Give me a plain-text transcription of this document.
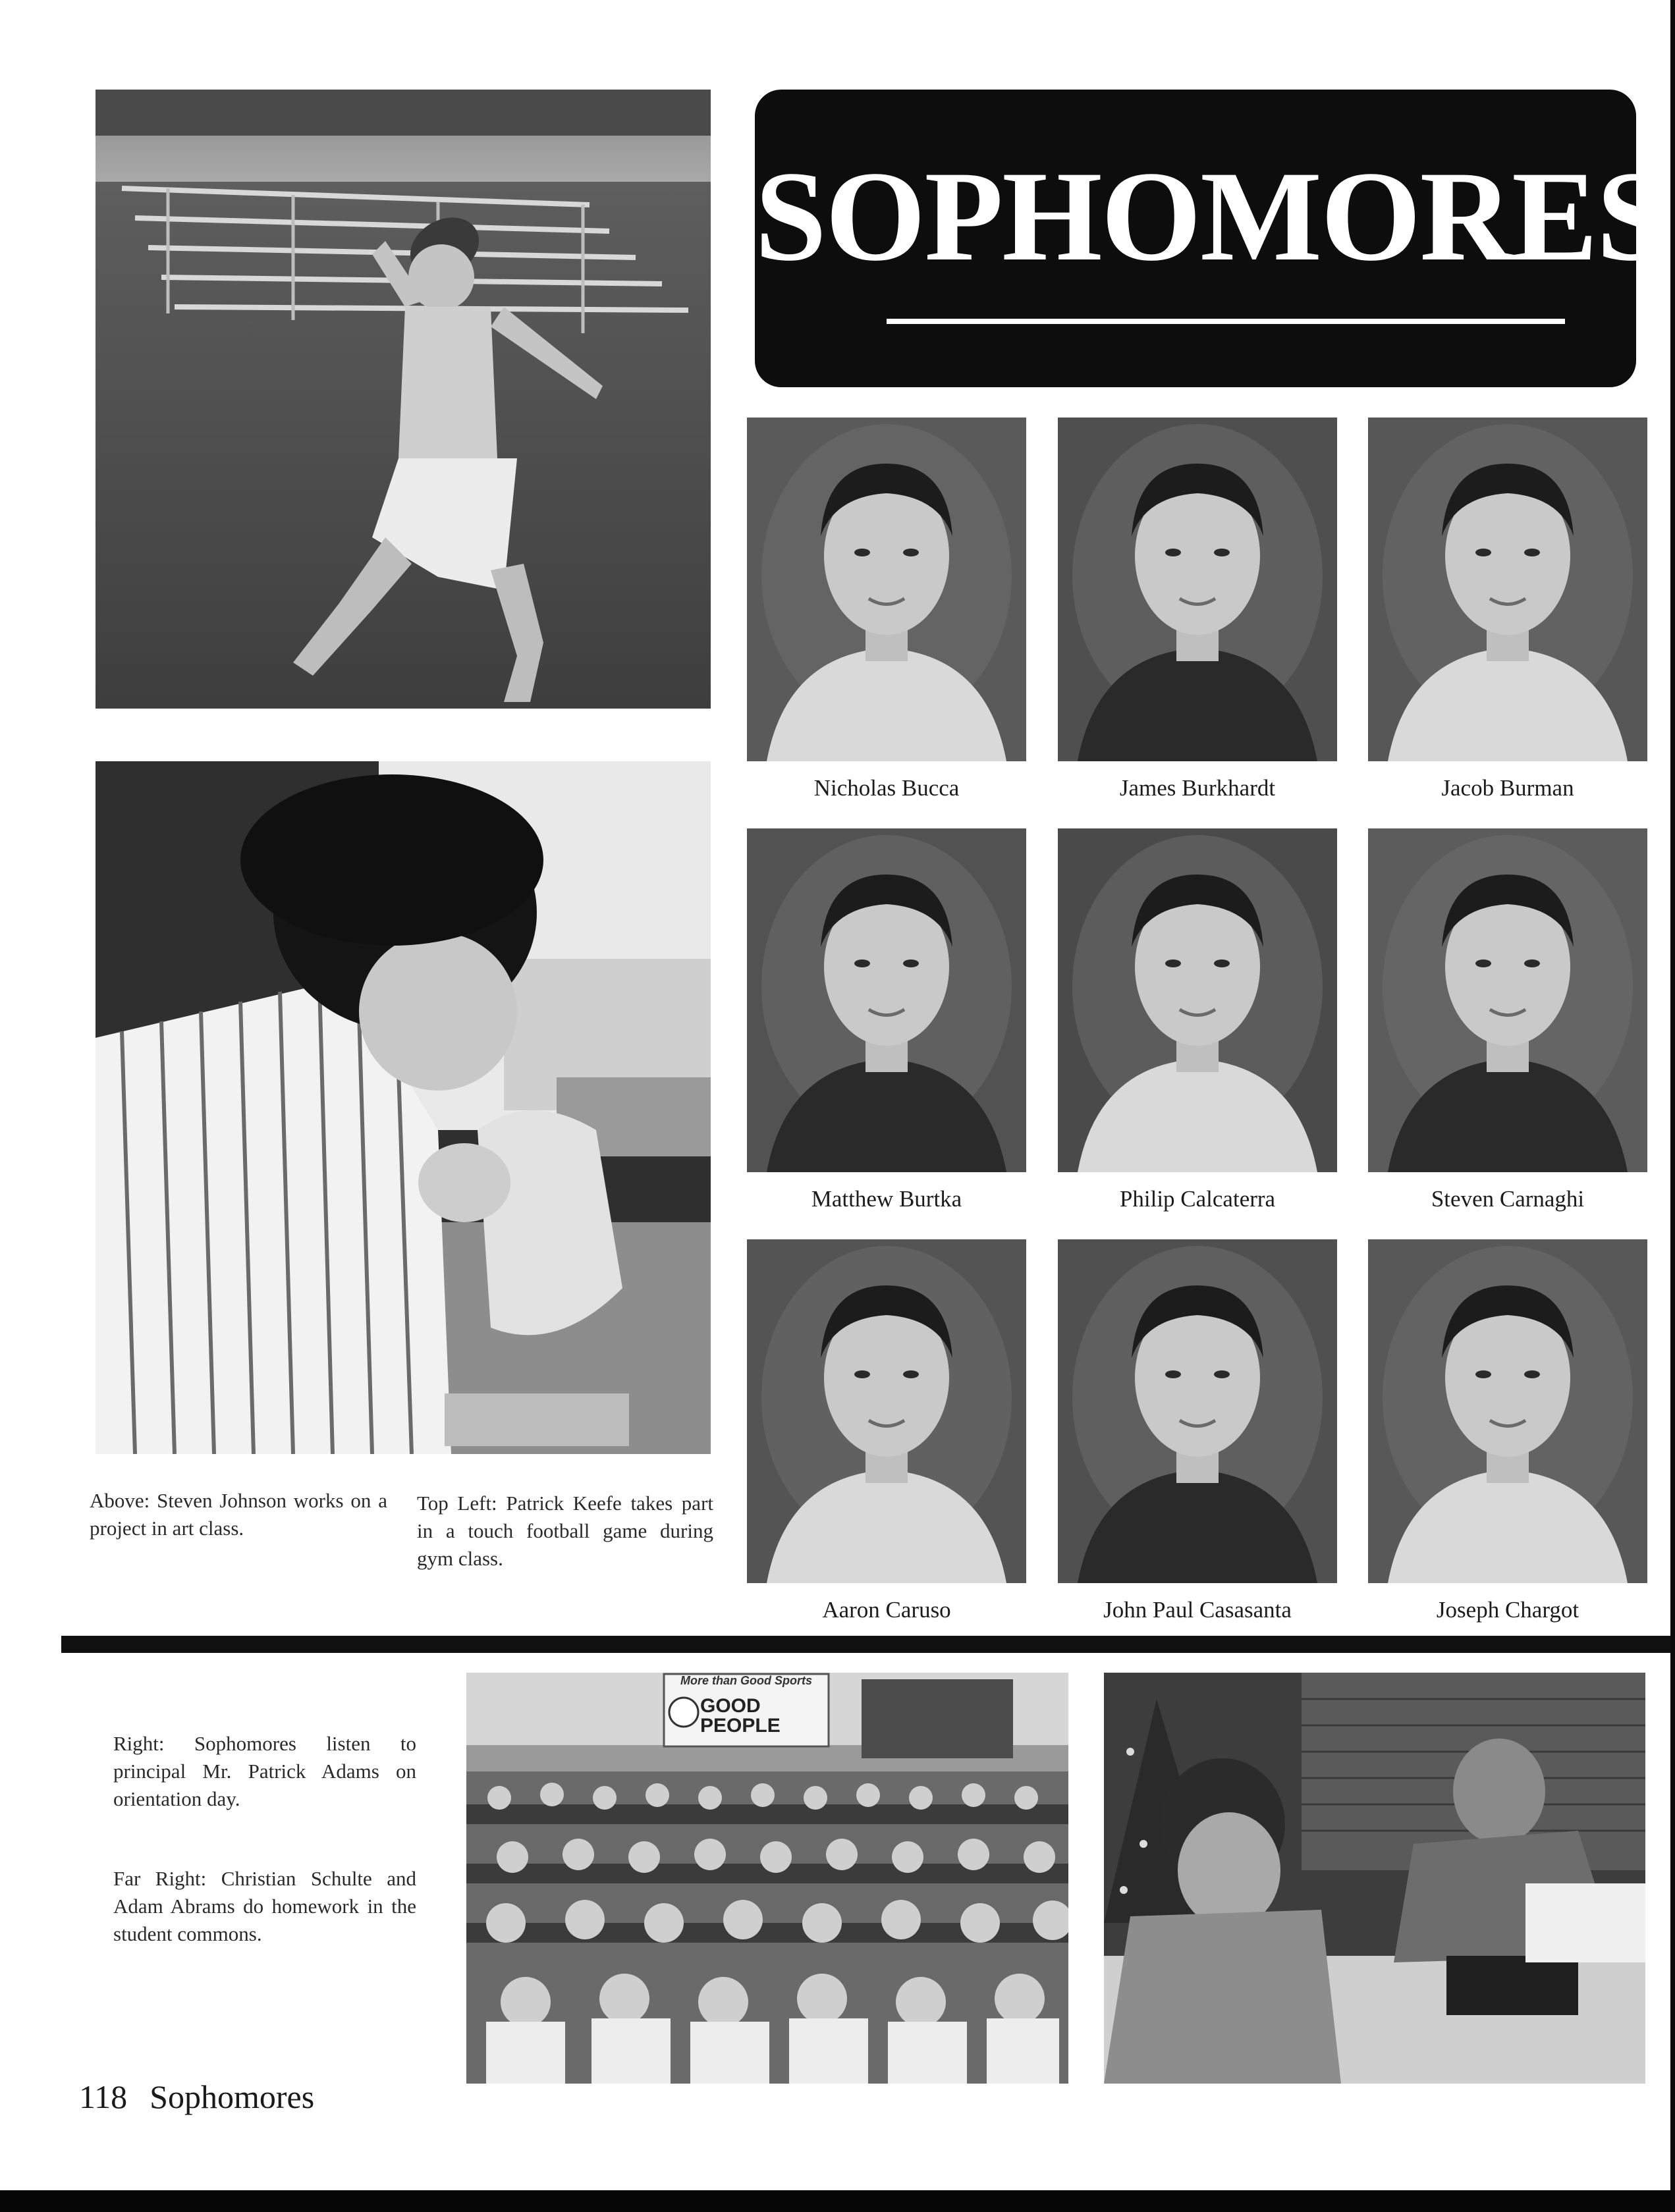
SOPHOMORES
Above: Steven Johnson works on a project in art class.
Top Left: Patrick Keefe takes part in a touch football game during gym class.
Nicholas Bucca	James Burkhardt	Jacob Burman
Matthew Burtka	Philip Calcaterra	Steven Carnaghi
Aaron Caruso	John Paul Casasanta	Joseph Chargot
Right: Sophomores listen to principal Mr. Patrick Adams on orientation day.
Far Right: Christian Schulte and Adam Abrams do homework in the student commons.
More than Good Sports
GOOD PEOPLE
118 Sophomores
